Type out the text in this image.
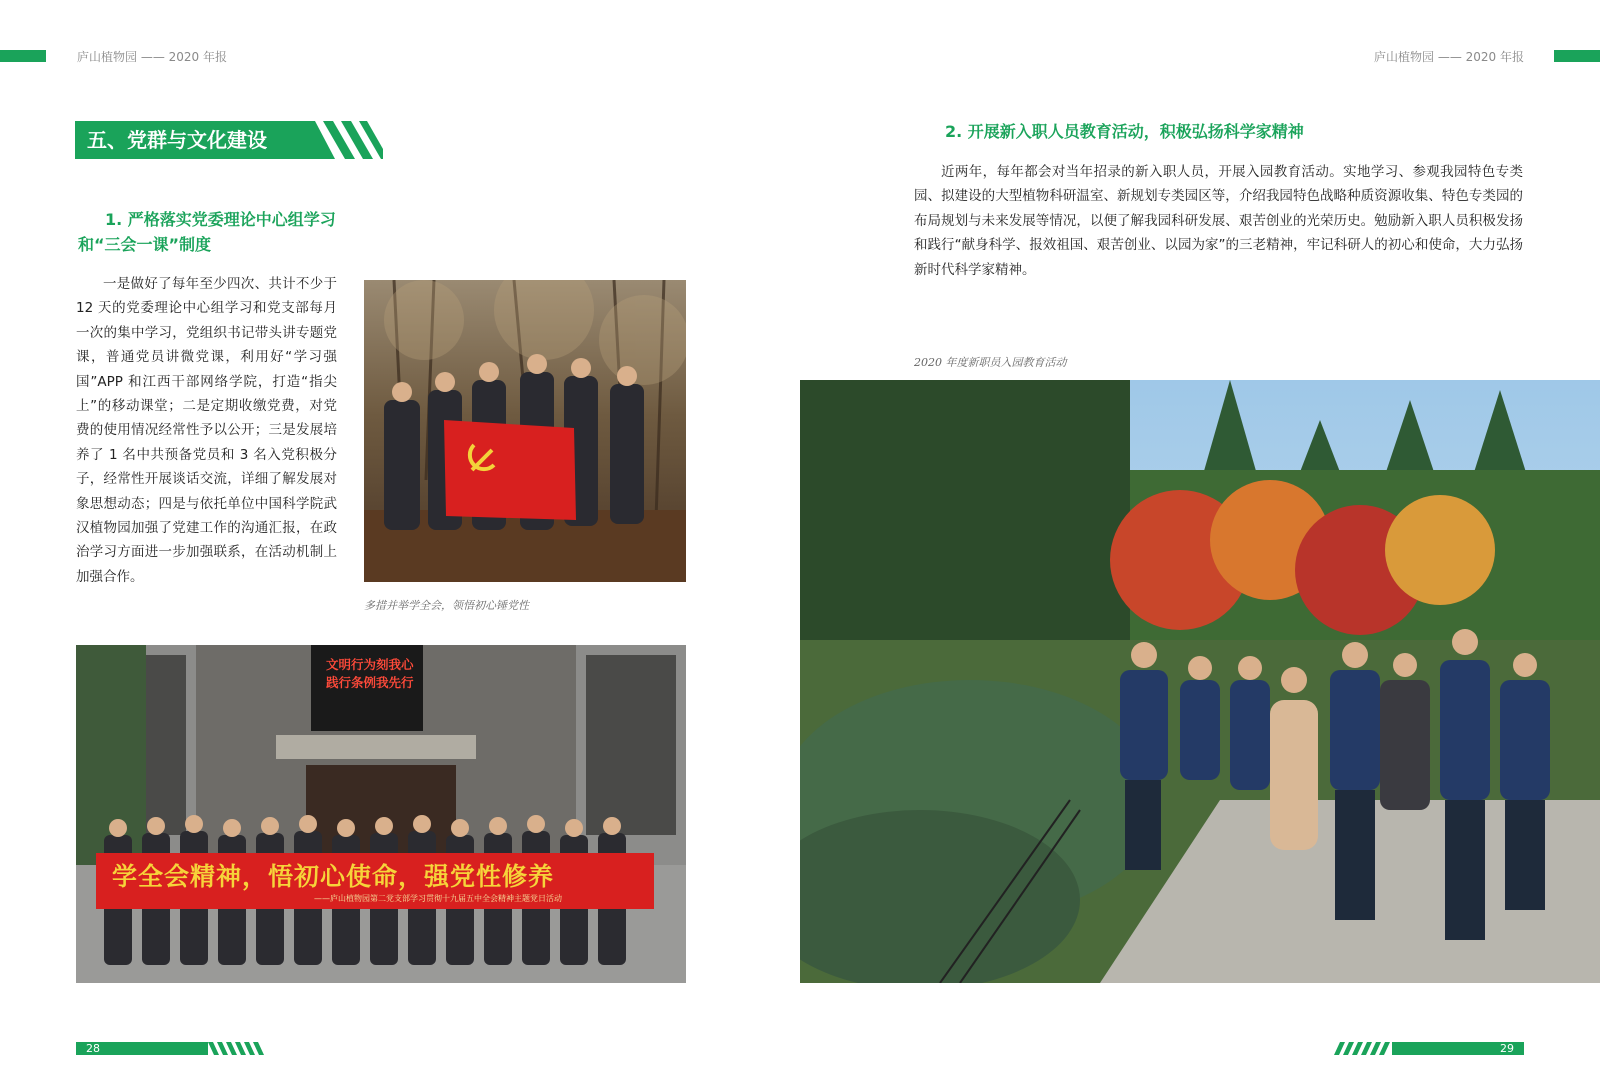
庐山植物园 —— 2020 年报	庐山植物园 —— 2020 年报
五、党群与文化建设
1. 严格落实党委理论中心组学习和“三会一课”制度

一是做好了每年至少四次、共计不少于 12 天的党委理论中心组学习和党支部每月一次的集中学习，党组织书记带头讲专题党课，普通党员讲微党课，利用好“学习强国”APP 和江西干部网络学院，打造“指尖上”的移动课堂；二是定期收缴党费，对党费的使用情况经常性予以公开；三是发展培养了 1 名中共预备党员和 3 名入党积极分子，经常性开展谈话交流，详细了解发展对象思想动态；四是与依托单位中国科学院武汉植物园加强了党建工作的沟通汇报，在政治学习方面进一步加强联系，在活动机制上加强合作。

多措并举学全会，领悟初心锤党性
文明行为刻我心
践行条例我先行
学全会精神，悟初心使命，强党性修养
——庐山植物园第二党支部学习贯彻十九届五中全会精神主题党日活动
28
2. 开展新入职人员教育活动，积极弘扬科学家精神

近两年，每年都会对当年招录的新入职人员，开展入园教育活动。实地学习、参观我园特色专类园、拟建设的大型植物科研温室、新规划专类园区等，介绍我园特色战略种质资源收集、特色专类园的布局规划与未来发展等情况，以便了解我园科研发展、艰苦创业的光荣历史。勉励新入职人员积极发扬和践行“献身科学、报效祖国、艰苦创业、以园为家”的三老精神，牢记科研人的初心和使命，大力弘扬新时代科学家精神。

2020 年度新职员入园教育活动
29
